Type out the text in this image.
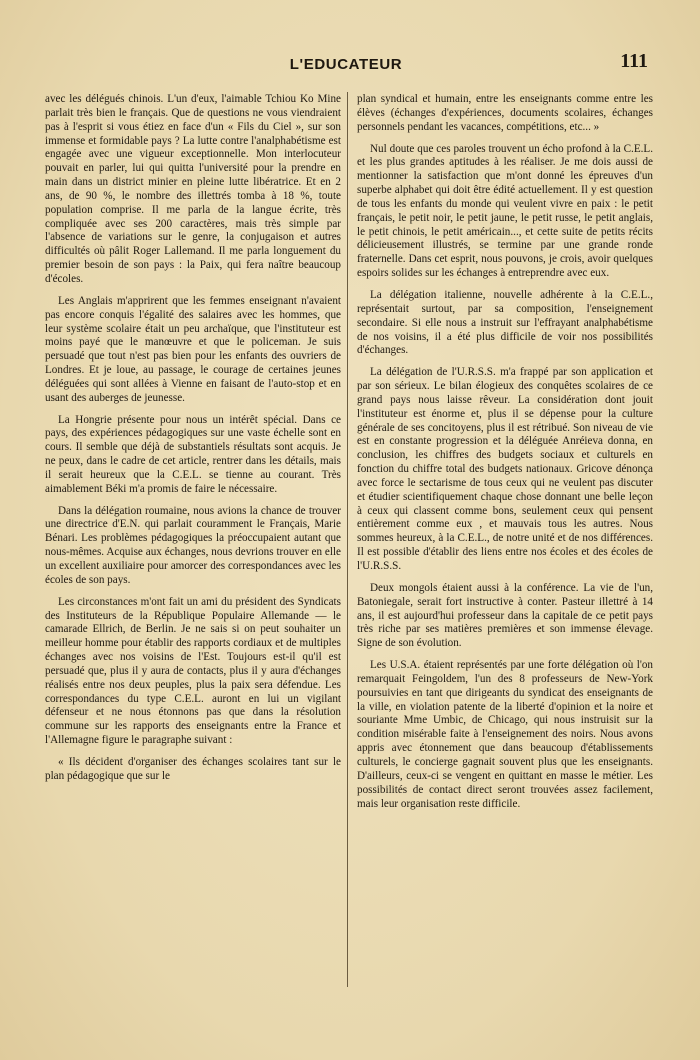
L'EDUCATEUR	111

avec les délégués chinois. L'un d'eux, l'aimable Tchiou Ko Mine parlait très bien le français. Que de questions ne vous viendraient pas à l'esprit si vous étiez en face d'un « Fils du Ciel », sur son immense et formidable pays ? La lutte contre l'analphabétisme est engagée avec une vigueur exceptionnelle. Mon interlocuteur pouvait en parler, lui qui quitta l'université pour la prendre en main dans un district minier en pleine lutte libératrice. Et en 2 ans, de 90 %, le nombre des illettrés tomba à 18 %, toute population comprise. Il me parla de la langue écrite, très compliquée avec ses 200 caractères, mais très simple par l'absence de variations sur le genre, la conjugaison et autres difficultés où pâlit Roger Lallemand. Il me parla longuement du premier besoin de son pays : la Paix, qui fera naître beaucoup d'écoles.

Les Anglais m'apprirent que les femmes enseignant n'avaient pas encore conquis l'égalité des salaires avec les hommes, que leur système scolaire était un peu archaïque, que l'instituteur est moins payé que le manœuvre et que le policeman. Je suis persuadé que tout n'est pas bien pour les enfants des ouvriers de Londres. Et je loue, au passage, le courage de certaines jeunes déléguées qui sont allées à Vienne en faisant de l'auto-stop et en usant des auberges de jeunesse.

La Hongrie présente pour nous un intérêt spécial. Dans ce pays, des expériences pédagogiques sur une vaste échelle sont en cours. Il semble que déjà de substantiels résultats sont acquis. Je ne peux, dans le cadre de cet article, rentrer dans les détails, mais il serait heureux que la C.E.L. se tienne au courant. Très aimablement Béki m'a promis de faire le nécessaire.

Dans la délégation roumaine, nous avions la chance de trouver une directrice d'E.N. qui parlait couramment le Français, Marie Bénari. Les problèmes pédagogiques la préoccupaient autant que nous-mêmes. Acquise aux échanges, nous devrions trouver en elle un excellent auxiliaire pour amorcer des correspondances avec les écoles de son pays.

Les circonstances m'ont fait un ami du président des Syndicats des Instituteurs de la République Populaire Allemande — le camarade Ellrich, de Berlin. Je ne sais si on peut souhaiter un meilleur homme pour établir des rapports cordiaux et de multiples échanges avec nos voisins de l'Est. Toujours est-il qu'il est persuadé que, plus il y aura de contacts, plus il y aura d'échanges réalisés entre nos deux peuples, plus la paix sera défendue. Les correspondances du type C.E.L. auront en lui un vigilant défenseur et ne nous étonnons pas que dans la résolution commune sur les rapports des enseignants entre la France et l'Allemagne figure le paragraphe suivant :

« Ils décident d'organiser des échanges scolaires tant sur le plan pédagogique que sur le

plan syndical et humain, entre les enseignants comme entre les élèves (échanges d'expériences, documents scolaires, échanges personnels pendant les vacances, compétitions, etc... »

Nul doute que ces paroles trouvent un écho profond à la C.E.L. et les plus grandes aptitudes à les réaliser. Je me dois aussi de mentionner la satisfaction que m'ont donné les épreuves d'un superbe alphabet qui doit être édité actuellement. Il y est question de tous les enfants du monde qui veulent vivre en paix : le petit français, le petit noir, le petit jaune, le petit russe, le petit anglais, le petit chinois, le petit américain..., et cette suite de petits récits délicieusement illustrés, se termine par une grande ronde fraternelle. Dans cet esprit, nous pouvons, je crois, avoir quelques espoirs solides sur les échanges à entreprendre avec eux.

La délégation italienne, nouvelle adhérente à la C.E.L., représentait surtout, par sa composition, l'enseignement secondaire. Si elle nous a instruit sur l'effrayant analphabétisme de nos voisins, il a été plus difficile de voir nos possibilités d'échanges.

La délégation de l'U.R.S.S. m'a frappé par son application et par son sérieux. Le bilan élogieux des conquêtes scolaires de ce grand pays nous laisse rêveur. La considération dont jouit l'instituteur est énorme et, plus il se dépense pour la culture générale de ses concitoyens, plus il est rétribué. Son niveau de vie est en constante progression et la déléguée Anréieva donna, en conclusion, les chiffres des budgets sociaux et culturels en fonction du chiffre total des budgets nationaux. Gricove dénonça avec force le sectarisme de tous ceux qui ne veulent pas discuter et étudier scientifiquement chaque chose donnant une belle leçon à ceux qui classent comme bons, seulement ceux qui pensent entièrement comme eux , et mauvais tous les autres. Nous sommes heureux, à la C.E.L., de notre unité et de nos différences. Il est possible d'établir des liens entre nos écoles et des écoles de l'U.R.S.S.

Deux mongols étaient aussi à la conférence. La vie de l'un, Batoniegale, serait fort instructive à conter. Pasteur illettré à 14 ans, il est aujourd'hui professeur dans la capitale de ce petit pays très riche par ses matières premières et son immense élevage. Signe de son évolution.

Les U.S.A. étaient représentés par une forte délégation où l'on remarquait Feingoldem, l'un des 8 professeurs de New-York poursuivies en tant que dirigeants du syndicat des enseignants de la ville, en violation patente de la liberté d'opinion et la noire et souriante Mme Umbic, de Chicago, qui nous instruisit sur la condition misérable faite à l'enseignement des noirs. Nous avons appris avec étonnement que dans beaucoup d'établissements culturels, le concierge gagnait souvent plus que les enseignants. D'ailleurs, ceux-ci se vengent en quittant en masse le métier. Les possibilités de contact direct seront trouvées assez facilement, mais leur organisation reste difficile.
